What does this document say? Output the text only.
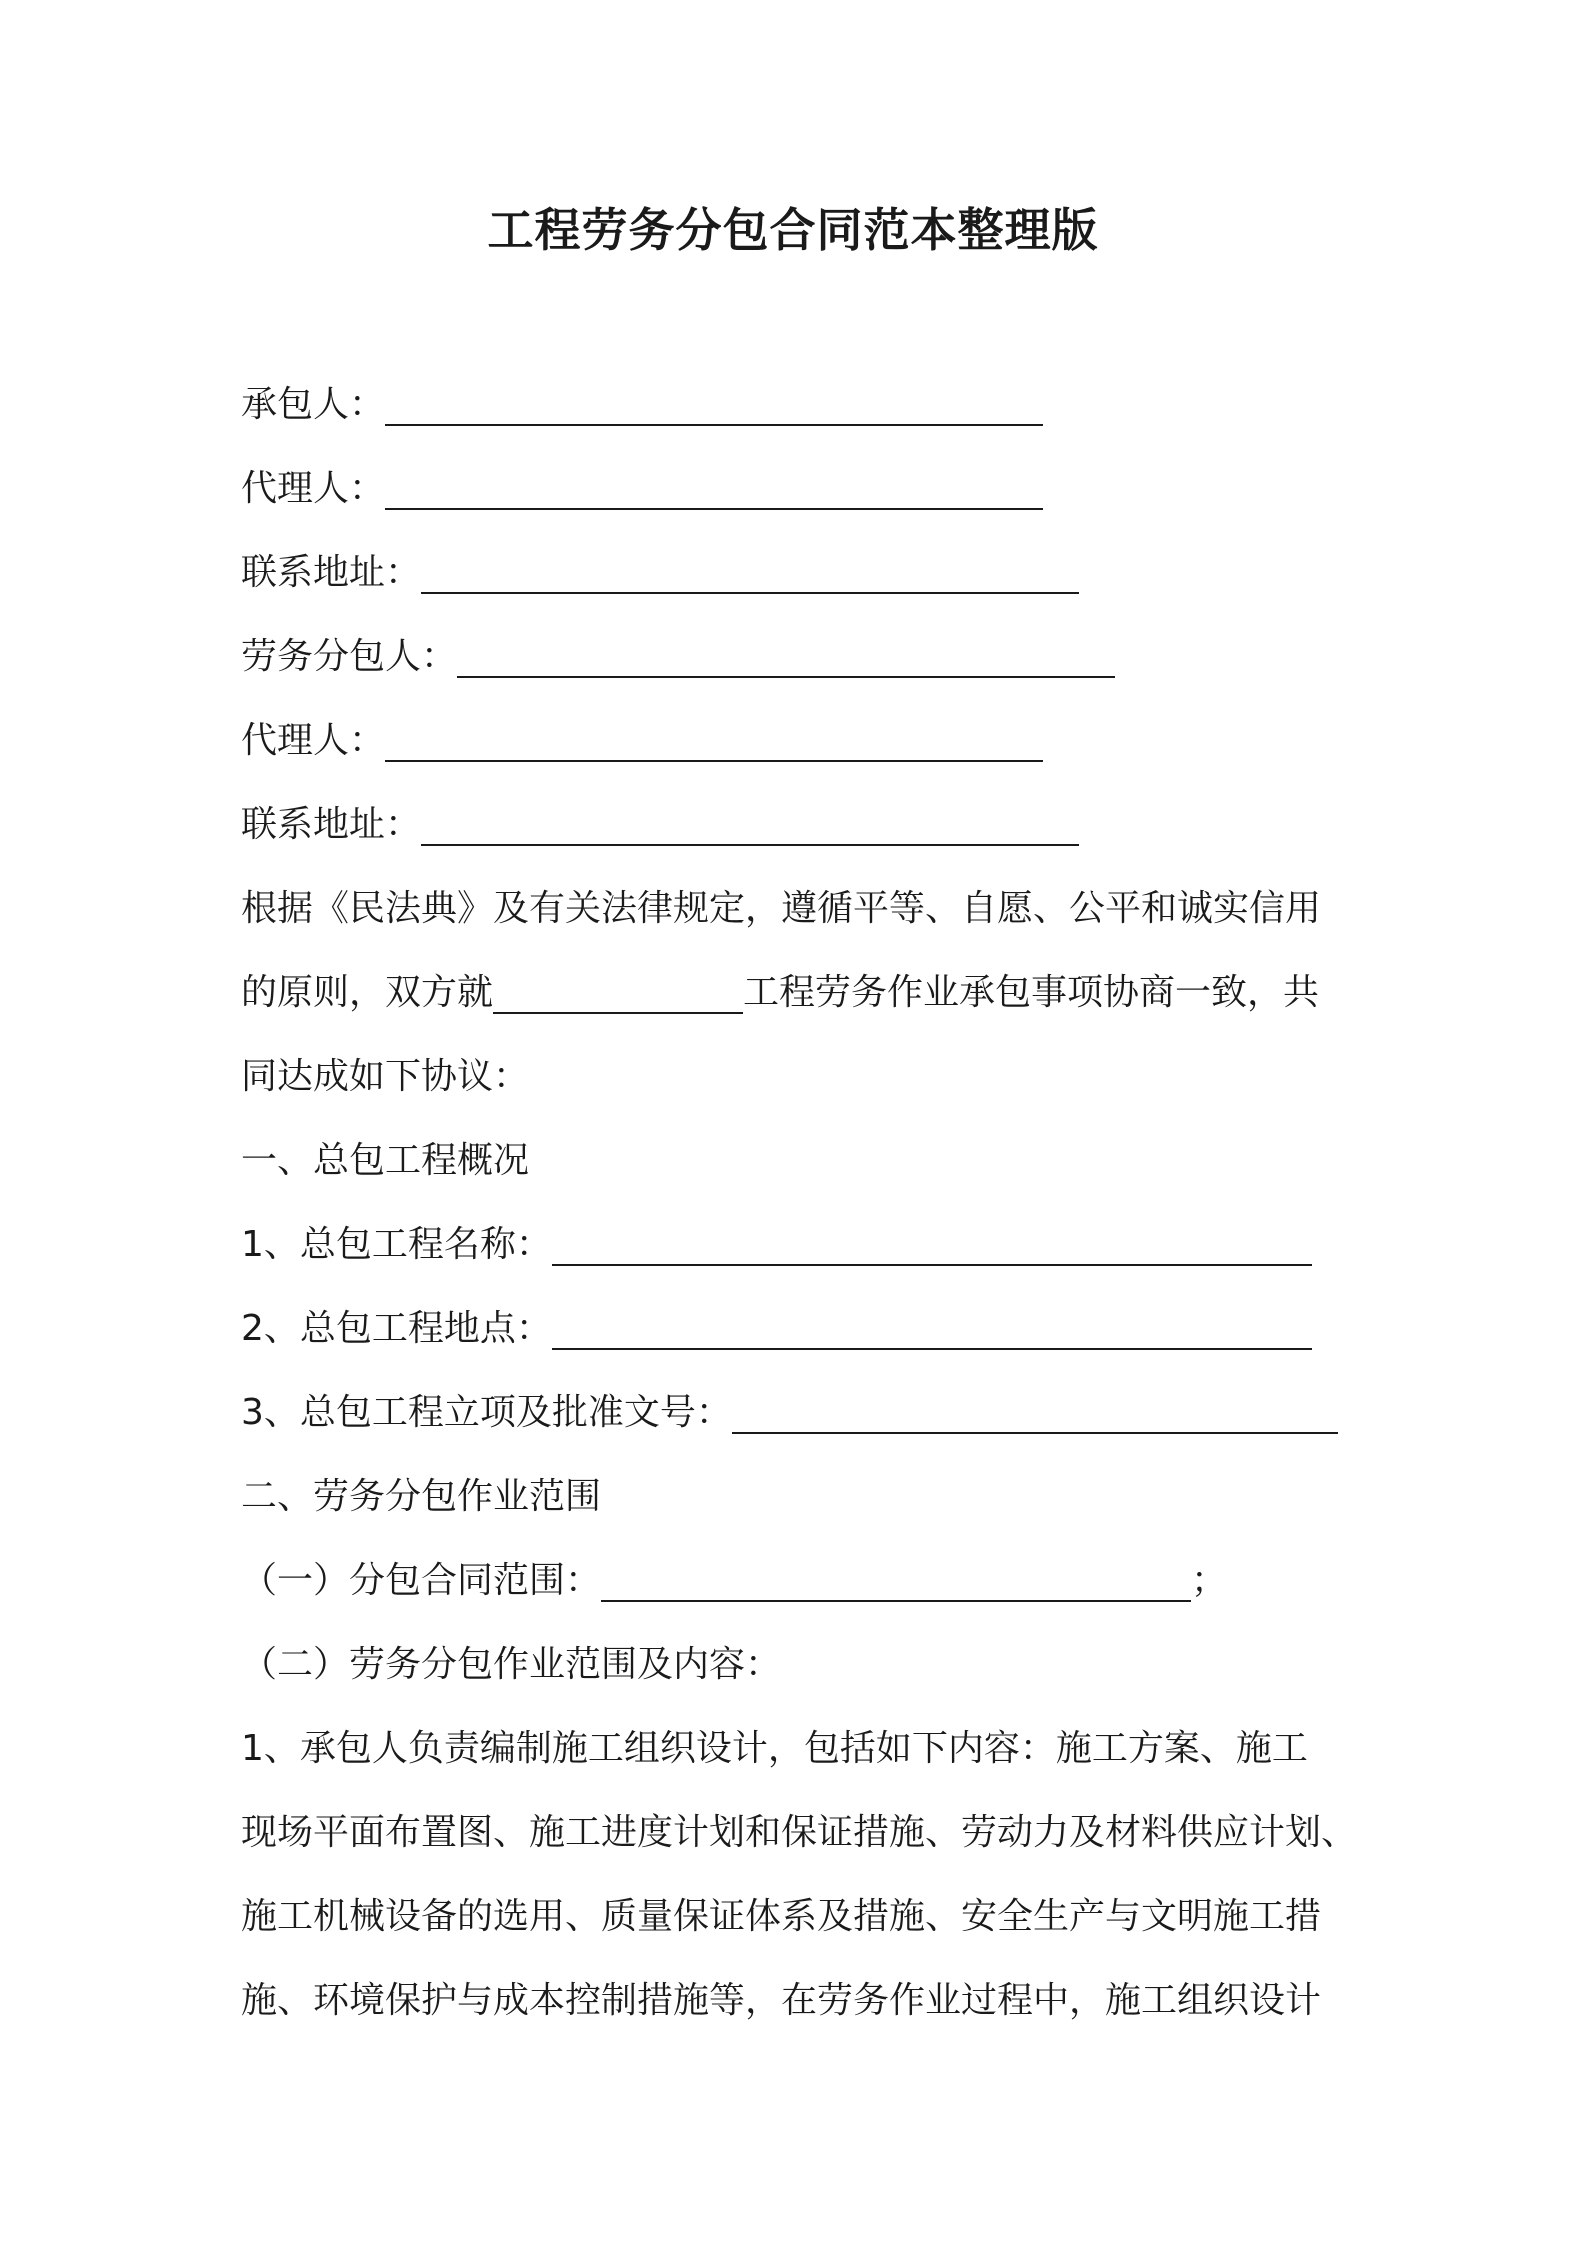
工程劳务分包合同范本整理版
承包人：
代理人：
联系地址：
劳务分包人：
代理人：
联系地址：
根据《民法典》及有关法律规定，遵循平等、自愿、公平和诚实信用
的原则，双方就	工程劳务作业承包事项协商一致，共
同达成如下协议：
一、总包工程概况
1、总包工程名称：
2、总包工程地点：
3、总包工程立项及批准文号：
二、劳务分包作业范围
（一）分包合同范围：	；
（二）劳务分包作业范围及内容：
1、承包人负责编制施工组织设计，包括如下内容：施工方案、施工
现场平面布置图、施工进度计划和保证措施、劳动力及材料供应计划、
施工机械设备的选用、质量保证体系及措施、安全生产与文明施工措
施、环境保护与成本控制措施等，在劳务作业过程中，施工组织设计
